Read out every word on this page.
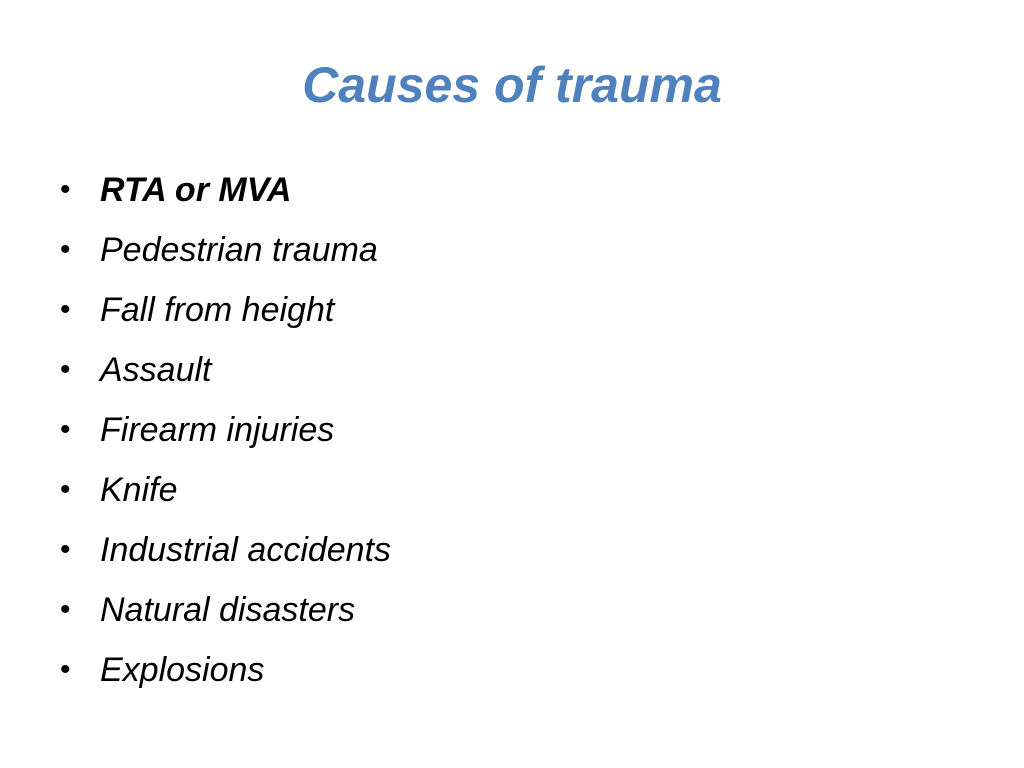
Causes of trauma
• RTA or MVA
• Pedestrian trauma
• Fall from height
• Assault
• Firearm injuries
• Knife
• Industrial accidents
• Natural disasters
• Explosions
